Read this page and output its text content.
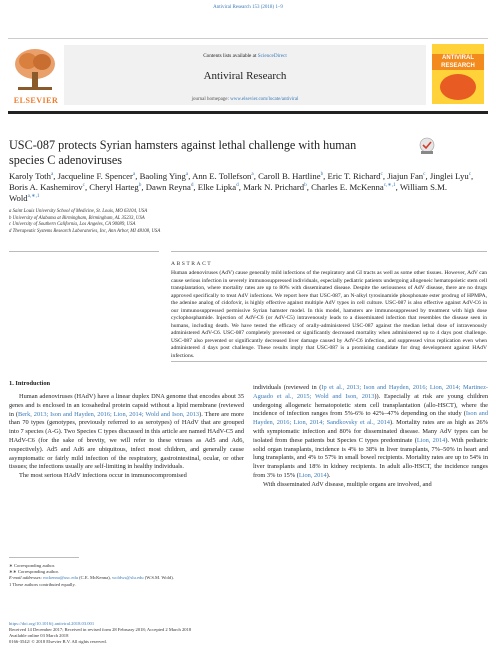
Antiviral Research 153 (2018) 1–9
ELSEVIER
Contents lists available at ScienceDirect
Antiviral Research
journal homepage: www.elsevier.com/locate/antiviral
ANTIVIRAL RESEARCH
USC-087 protects Syrian hamsters against lethal challenge with human species C adenoviruses
Karoly Toth$^a$, Jacqueline F. Spencer$^a$, Baoling Ying$^a$, Ann E. Tollefson$^a$, Caroll B. Hartline$^b$, Eric T. Richard$^c$, Jiajun Fan$^c$, Jinglei Lyu$^c$, Boris A. Kashemirov$^c$, Cheryl Harteg$^b$, Dawn Reyna$^d$, Elke Lipka$^d$, Mark N. Prichard$^b$, Charles E. McKenna$^{c,∗,1}$, William S.M. Wold$^{a,∗,1}$
a Saint Louis University School of Medicine, St. Louis, MO 63104, USA
b University of Alabama at Birmingham, Birmingham, AL 35233, USA
c University of Southern California, Los Angeles, CA 90089, USA
d Therapeutic Systems Research Laboratories, Inc, Ann Arbor, MI 48108, USA
ABSTRACT
Human adenoviruses (AdV) cause generally mild infections of the respiratory and GI tracts as well as some other tissues. However, AdV can cause serious infection in severely immunosuppressed individuals, especially pediatric patients undergoing allogeneic hematopoietic stem cell transplantation, where mortality rates are up to 80% with disseminated disease. Despite the seriousness of AdV disease, there are no drugs approved specifically to treat AdV infections. We report here that USC-087, an N-alkyl tyrosinamide phosphonate ester prodrug of HPMPA, the adenine analog of cidofovir, is highly effective against multiple AdV types in cell culture. USC-087 is also effective against AdV-C6 in our immunosuppressed permissive Syrian hamster model. In this model, hamsters are immunosuppressed by treatment with high dose cyclophosphamide. Injection of AdV-C6 (or AdV-C5) intravenously leads to a disseminated infection that resembles the disease seen in humans, including death. We have tested the efficacy of orally-administered USC-087 against the median lethal dose of intravenously administered AdV-C6. USC-087 completely prevented or significantly decreased mortality when administered up to 4 days post challenge. USC-087 also prevented or significantly decreased liver damage caused by AdV-C6 infection, and suppressed virus replication even when administered 4 days post challenge. These results imply that USC-087 is a promising candidate for drug development against HAdV infections.
1. Introduction

Human adenoviruses (HAdV) have a linear duplex DNA genome that encodes about 35 genes and is enclosed in an icosahedral protein capsid without a lipid membrane (reviewed in (Berk, 2013; Ison and Hayden, 2016; Lion, 2014; Wold and Ison, 2013). There are more than 70 types (genotypes, previously referred to as serotypes) of HAdV that are grouped into 7 species (A-G). Two Species C types discussed in this article are named HAdV-C5 and HAdV-C6 (for the sake of brevity, we will refer to these viruses as Ad5 and Ad6, respectively). Ad5 and Ad6 are ubiquitous, infect most children, and generally cause asymptomatic or fairly mild infection of the respiratory, gastrointestinal, ocular, or other tissues; the infections usually are self-limiting in healthy individuals.

The most serious HAdV infections occur in immunocompromised

individuals (reviewed in (Ip et al., 2013; Ison and Hayden, 2016; Lion, 2014; Martinez-Aguado et al., 2015; Wold and Ison, 2013)). Especially at risk are young children undergoing allogeneic hematopoietic stem cell transplantation (allo-HSCT), where the incidence of infection ranges from 5%-6% to 42%–47% depending on the study (Ison and Hayden, 2016; Lion, 2014; Sandkovsky et al., 2014). Mortality rates are as high as 26% with symptomatic infection and 80% for disseminated disease. Many AdV types can be isolated from these patients but Species C types predominate (Lion, 2014). With pediatric solid organ transplants, incidence is 4% to 38% in liver transplants, 7%–50% in heart and lung transplants, and 4% to 57% in small bowel recipients. Mortality rates are up to 54% in liver transplants and 18% in kidney recipients. In adult allo-HSCT, the incidence ranges from 3% to 15% (Lion, 2014).

With disseminated AdV disease, multiple organs are involved, and

∗ Corresponding author.
∗∗ Corresponding author.
E-mail addresses: mckenna@usc.edu (C.E. McKenna), woldws@slu.edu (W.S.M. Wold).
1 These authors contributed equally.
https://doi.org/10.1016/j.antiviral.2018.03.001
Received 14 December 2017; Received in revised form 28 February 2018; Accepted 2 March 2018
Available online 03 March 2018
0166-3542/ © 2018 Elsevier B.V. All rights reserved.
